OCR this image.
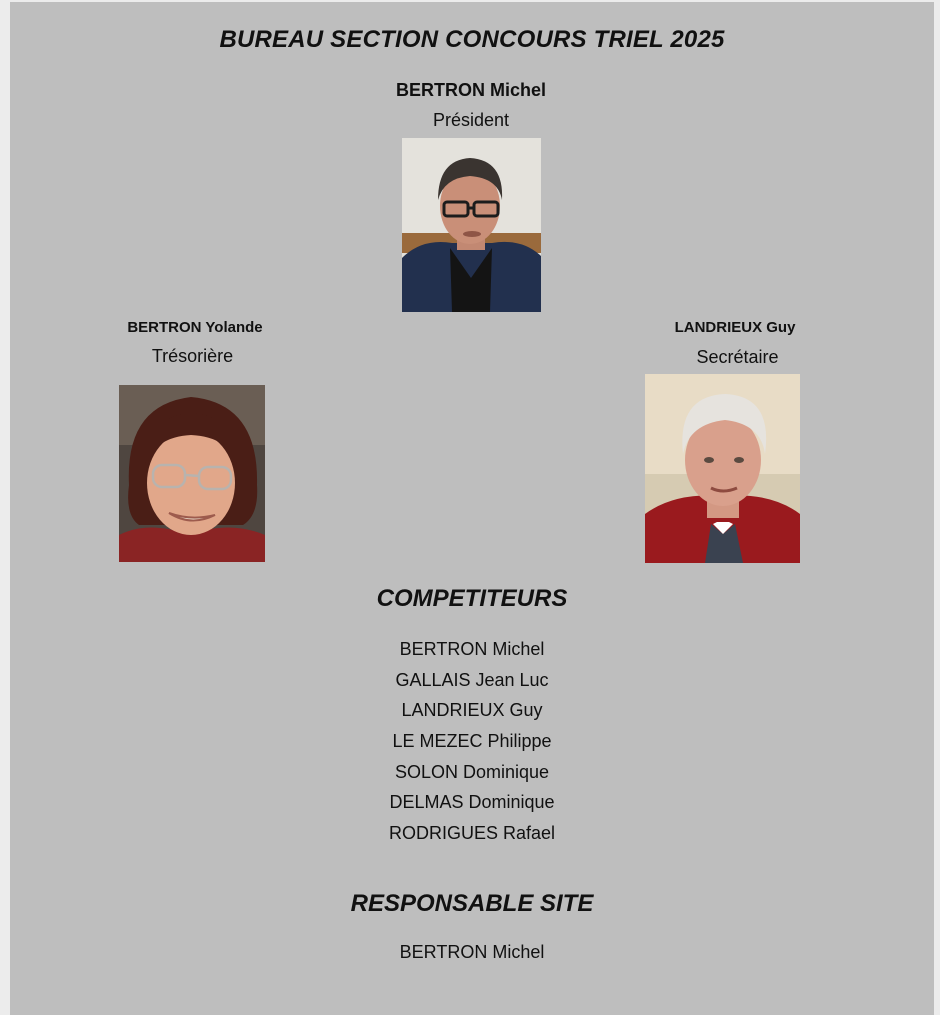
BUREAU SECTION CONCOURS TRIEL 2025
BERTRON Michel
Président
BERTRON Yolande
Trésorière
LANDRIEUX Guy
Secrétaire
COMPETITEURS
BERTRON Michel
GALLAIS Jean Luc
LANDRIEUX Guy
LE MEZEC Philippe
SOLON Dominique
DELMAS Dominique
RODRIGUES Rafael
RESPONSABLE SITE
BERTRON Michel
